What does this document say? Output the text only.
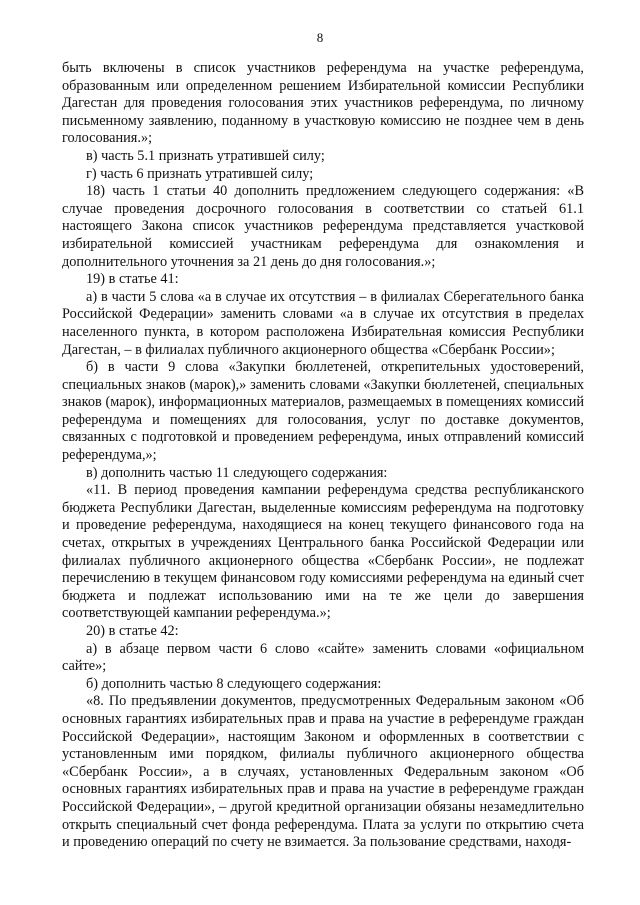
8

быть включены в список участников референдума на участке референдума, образованным или определенном решением Избирательной комиссии Республики Дагестан для проведения голосования этих участников референдума, по личному письменному заявлению, поданному в участковую комиссию не позднее чем в день голосования.»;

в) часть 5.1 признать утратившей силу;

г) часть 6 признать утратившей силу;

18) часть 1 статьи 40 дополнить предложением следующего содержания: «В случае проведения досрочного голосования в соответствии со статьей 61.1 настоящего Закона список участников референдума представляется участковой избирательной комиссией участникам референдума для ознакомления и дополнительного уточнения за 21 день до дня голосования.»;

19) в статье 41:

а) в части 5 слова «а в случае их отсутствия – в филиалах Сберегательного банка Российской Федерации» заменить словами «а в случае их отсутствия в пределах населенного пункта, в котором расположена Избирательная комиссия Республики Дагестан, – в филиалах публичного акционерного общества «Сбербанк России»;

б) в части 9 слова «Закупки бюллетеней, открепительных удостоверений, специальных знаков (марок),» заменить словами «Закупки бюллетеней, специальных знаков (марок), информационных материалов, размещаемых в помещениях комиссий референдума и помещениях для голосования, услуг по доставке документов, связанных с подготовкой и проведением референдума, иных отправлений комиссий референдума,»;

в) дополнить частью 11 следующего содержания:

«11. В период проведения кампании референдума средства республиканского бюджета Республики Дагестан, выделенные комиссиям референдума на подготовку и проведение референдума, находящиеся на конец текущего финансового года на счетах, открытых в учреждениях Центрального банка Российской Федерации или филиалах публичного акционерного общества «Сбербанк России», не подлежат перечислению в текущем финансовом году комиссиями референдума на единый счет бюджета и подлежат использованию ими на те же цели до завершения соответствующей кампании референдума.»;

20) в статье 42:

а) в абзаце первом части 6 слово «сайте» заменить словами «официальном сайте»;

б) дополнить частью 8 следующего содержания:

«8. По предъявлении документов, предусмотренных Федеральным законом «Об основных гарантиях избирательных прав и права на участие в референдуме граждан Российской Федерации», настоящим Законом и оформленных в соответствии с установленным ими порядком, филиалы публичного акционерного общества «Сбербанк России», а в случаях, установленных Федеральным законом «Об основных гарантиях избирательных прав и права на участие в референдуме граждан Российской Федерации», – другой кредитной организации обязаны незамедлительно открыть специальный счет фонда референдума. Плата за услуги по открытию счета и проведению операций по счету не взимается. За пользование средствами, находя-
